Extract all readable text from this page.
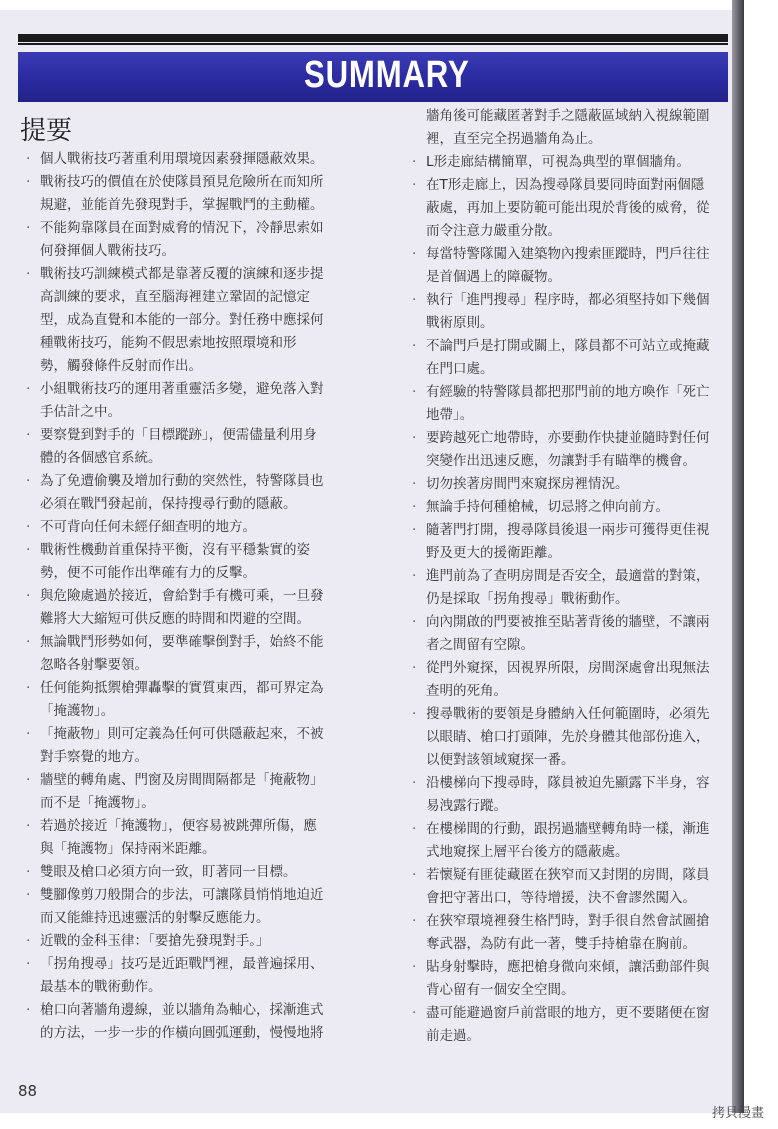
SUMMARY
提要
· 個人戰術技巧著重利用環境因素發揮隱蔽效果。
· 戰術技巧的價值在於使隊員預見危險所在而知所
規避，並能首先發現對手，掌握戰鬥的主動權。
· 不能夠靠隊員在面對威脅的情況下，冷靜思索如
何發揮個人戰術技巧。
· 戰術技巧訓練模式都是靠著反覆的演練和逐步提
高訓練的要求，直至腦海裡建立鞏固的記憶定
型，成為直覺和本能的一部分。對任務中應採何
種戰術技巧，能夠不假思索地按照環境和形
勢，觸發條件反射而作出。
· 小組戰術技巧的運用著重靈活多變，避免落入對
手估計之中。
· 要察覺到對手的「目標蹤跡」，便需儘量利用身
體的各個感官系統。
· 為了免遭偷襲及增加行動的突然性，特警隊員也
必須在戰鬥發起前，保持搜尋行動的隱蔽。
· 不可背向任何未經仔細查明的地方。
· 戰術性機動首重保持平衡，沒有平穩紮實的姿
勢，便不可能作出準確有力的反擊。
· 與危險處過於接近，會給對手有機可乘，一旦發
難將大大縮短可供反應的時間和閃避的空間。
· 無論戰鬥形勢如何，要準確擊倒對手，始終不能
忽略各射擊要領。
· 任何能夠抵禦槍彈轟擊的實質東西，都可界定為
「掩護物」。
· 「掩蔽物」則可定義為任何可供隱蔽起來，不被
對手察覺的地方。
· 牆壁的轉角處、門窗及房間間隔都是「掩蔽物」
而不是「掩護物」。
· 若過於接近「掩護物」，便容易被跳彈所傷，應
與「掩護物」保持兩米距離。
· 雙眼及槍口必須方向一致，盯著同一目標。
· 雙腳像剪刀般開合的步法，可讓隊員悄悄地迫近
而又能維持迅速靈活的射擊反應能力。
· 近戰的金科玉律：「要搶先發現對手。」
· 「拐角搜尋」技巧是近距戰鬥裡，最普遍採用、
最基本的戰術動作。
· 槍口向著牆角邊線，並以牆角為軸心，採漸進式
的方法，一步一步的作橫向圓弧運動，慢慢地將
牆角後可能藏匿著對手之隱蔽區域納入視線範圍
裡，直至完全拐過牆角為止。
· L形走廊結構簡單，可視為典型的單個牆角。
· 在T形走廊上，因為搜尋隊員要同時面對兩個隱
蔽處，再加上要防範可能出現於背後的威脅，從
而令注意力嚴重分散。
· 每當特警隊闖入建築物內搜索匪蹤時，門戶往往
是首個遇上的障礙物。
· 執行「進門搜尋」程序時，都必須堅持如下幾個
戰術原則。
· 不論門戶是打開或關上，隊員都不可站立或掩藏
在門口處。
· 有經驗的特警隊員都把那門前的地方喚作「死亡
地帶」。
· 要跨越死亡地帶時，亦要動作快捷並隨時對任何
突變作出迅速反應，勿讓對手有瞄準的機會。
· 切勿挨著房間門來窺探房裡情況。
· 無論手持何種槍械，切忌將之伸向前方。
· 隨著門打開，搜尋隊員後退一兩步可獲得更佳視
野及更大的援衛距離。
· 進門前為了查明房間是否安全，最適當的對策，
仍是採取「拐角搜尋」戰術動作。
· 向內開啟的門要被推至貼著背後的牆壁，不讓兩
者之間留有空隙。
· 從門外窺探，因視界所限，房間深處會出現無法
查明的死角。
· 搜尋戰術的要領是身體納入任何範圍時，必須先
以眼睛、槍口打頭陣，先於身體其他部份進入，
以便對該領域窺探一番。
· 沿樓梯向下搜尋時，隊員被迫先顯露下半身，容
易洩露行蹤。
· 在樓梯間的行動，跟拐過牆壁轉角時一樣，漸進
式地窺探上層平台後方的隱蔽處。
· 若懷疑有匪徒藏匿在狹窄而又封閉的房間，隊員
會把守著出口，等待增援，決不會謬然闖入。
· 在狹窄環境裡發生格鬥時，對手很自然會試圖搶
奪武器，為防有此一著，雙手持槍靠在胸前。
· 貼身射擊時，應把槍身微向來傾，讓活動部件與
背心留有一個安全空間。
· 盡可能避過窗戶前當眼的地方，更不要賭便在窗
前走過。
88
拷貝漫畫
